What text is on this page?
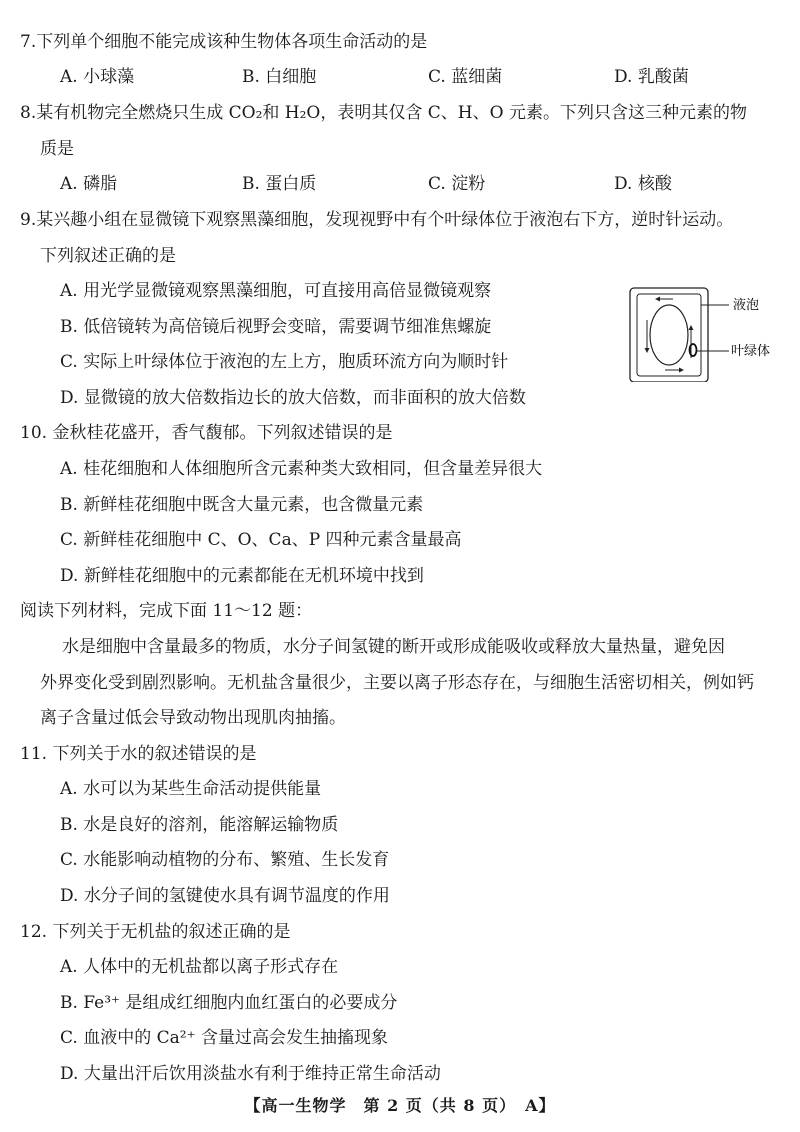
7.下列单个细胞不能完成该种生物体各项生命活动的是
A. 小球藻	B. 白细胞	C. 蓝细菌	D. 乳酸菌
8.某有机物完全燃烧只生成 CO₂和 H₂O，表明其仅含 C、H、O 元素。下列只含这三种元素的物
质是
A. 磷脂	B. 蛋白质	C. 淀粉	D. 核酸
9.某兴趣小组在显微镜下观察黑藻细胞，发现视野中有个叶绿体位于液泡右下方，逆时针运动。
下列叙述正确的是
A. 用光学显微镜观察黑藻细胞，可直接用高倍显微镜观察
B. 低倍镜转为高倍镜后视野会变暗，需要调节细准焦螺旋
C. 实际上叶绿体位于液泡的左上方，胞质环流方向为顺时针
D. 显微镜的放大倍数指边长的放大倍数，而非面积的放大倍数
液泡
叶绿体
10. 金秋桂花盛开，香气馥郁。下列叙述错误的是
A. 桂花细胞和人体细胞所含元素种类大致相同，但含量差异很大
B. 新鲜桂花细胞中既含大量元素，也含微量元素
C. 新鲜桂花细胞中 C、O、Ca、P 四种元素含量最高
D. 新鲜桂花细胞中的元素都能在无机环境中找到
阅读下列材料，完成下面 11～12 题：
水是细胞中含量最多的物质，水分子间氢键的断开或形成能吸收或释放大量热量，避免因
外界变化受到剧烈影响。无机盐含量很少，主要以离子形态存在，与细胞生活密切相关，例如钙
离子含量过低会导致动物出现肌肉抽搐。
11. 下列关于水的叙述错误的是
A. 水可以为某些生命活动提供能量
B. 水是良好的溶剂，能溶解运输物质
C. 水能影响动植物的分布、繁殖、生长发育
D. 水分子间的氢键使水具有调节温度的作用
12. 下列关于无机盐的叙述正确的是
A. 人体中的无机盐都以离子形式存在
B. Fe³⁺ 是组成红细胞内血红蛋白的必要成分
C. 血液中的 Ca²⁺ 含量过高会发生抽搐现象
D. 大量出汗后饮用淡盐水有利于维持正常生命活动
【高一生物学　第 2 页（共 8 页）　A】
